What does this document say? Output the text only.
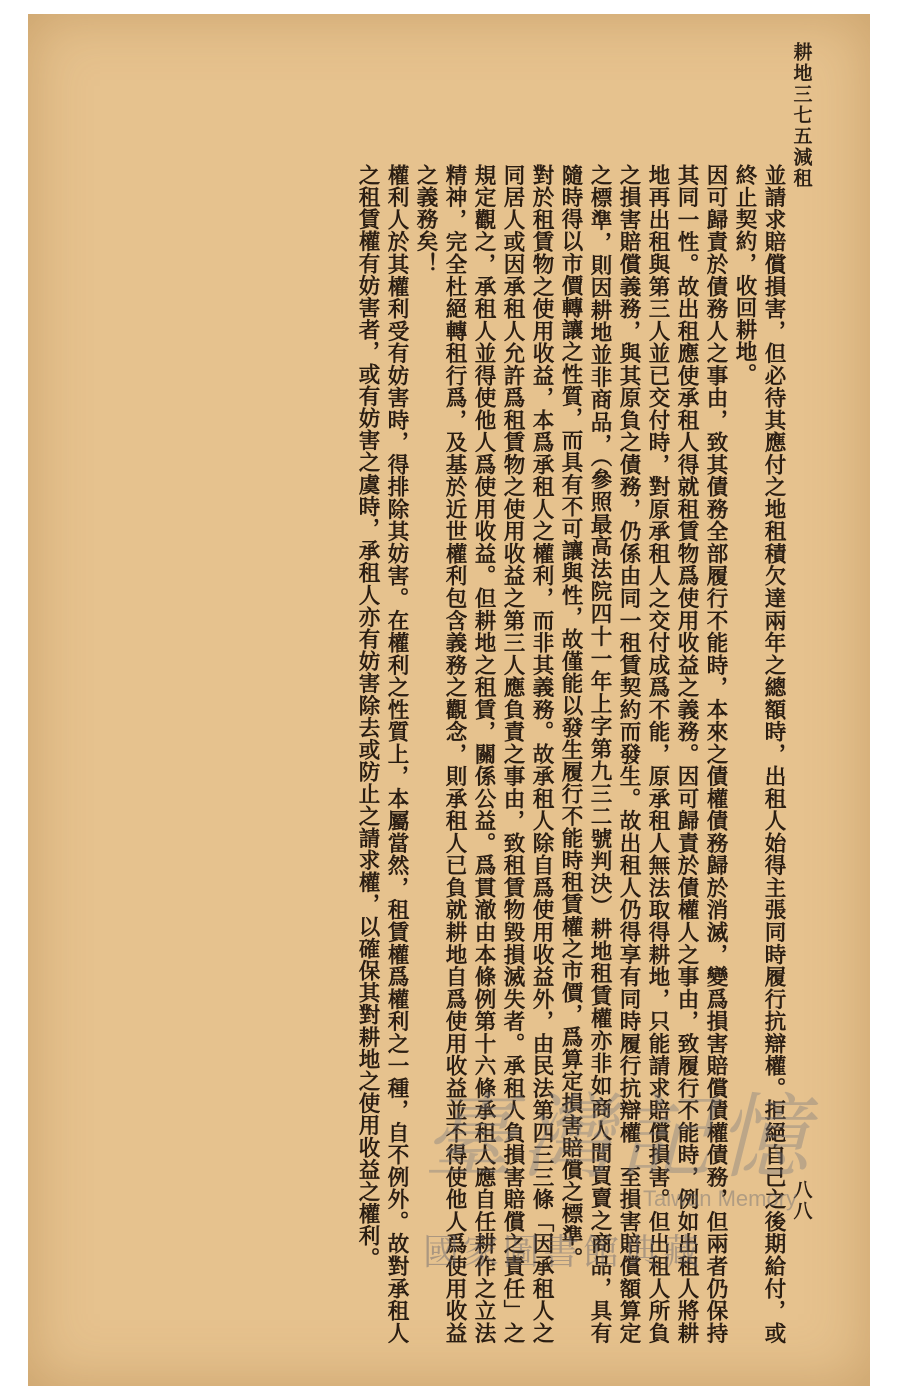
耕地三七五減租
八八

並請求賠償損害，但必待其應付之地租積欠達兩年之總額時，出租人始得主張同時履行抗辯權。拒絕自己之後期給付，或終止契約，收回耕地。

因可歸責於債務人之事由，致其債務全部履行不能時，本來之債權債務歸於消滅，變爲損害賠償債權債務，但兩者仍保持其同一性。故出租應使承租人得就租賃物爲使用收益之義務。因可歸責於債權人之事由，致履行不能時，例如出租人將耕地再出租與第三人並已交付時，對原承租人之交付成爲不能，原承租人無法取得耕地，只能請求賠償損害。但出租人所負之損害賠償義務，與其原負之債務，仍係由同一租賃契約而發生。故出租人仍得享有同時履行抗辯權，至損害賠償額算定之標準，則因耕地並非商品，（參照最高法院四十一年上字第九三二號判決）耕地租賃權亦非如商人間買賣之商品，具有隨時得以市價轉讓之性質，而具有不可讓與性，故僅能以發生履行不能時租賃權之市價，爲算定損害賠償之標準。

對於租賃物之使用收益，本爲承租人之權利，而非其義務。故承租人除自爲使用收益外，由民法第四三三條「因承租人之同居人或因承租人允許爲租賃物之使用收益之第三人應負責之事由，致租賃物毀損滅失者。承租人負損害賠償之責任」之規定觀之，承租人並得使他人爲使用收益。但耕地之租賃，關係公益。爲貫澈由本條例第十六條承租人應自任耕作之立法精神，完全杜絕轉租行爲，及基於近世權利包含義務之觀念，則承租人已負就耕地自爲使用收益並不得使他人爲使用收益之義務矣！

權利人於其權利受有妨害時，得排除其妨害。在權利之性質上，本屬當然，租賃權爲權利之一種，自不例外。故對承租人之租賃權有妨害者，或有妨害之虞時，承租人亦有妨害除去或防止之請求權，以確保其對耕地之使用收益之權利。 臺灣記憶
Taiwan Memory
國家圖書館典藏
